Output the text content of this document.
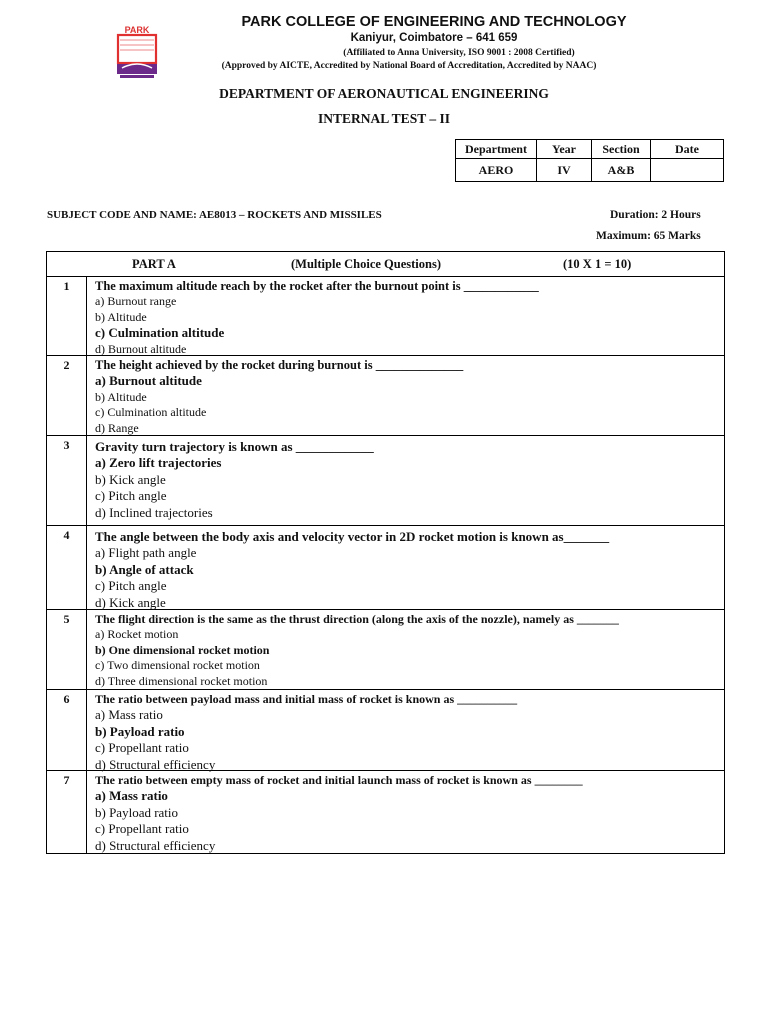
PARK COLLEGE OF ENGINEERING AND TECHNOLOGY
PARK
Kaniyur, Coimbatore – 641 659
(Affiliated to Anna University, ISO 9001 : 2008 Certified)
(Approved by AICTE, Accredited by National Board of Accreditation, Accredited by NAAC)
DEPARTMENT OF AERONAUTICAL ENGINEERING
INTERNAL TEST – II
Department	Year	Section	Date
AERO	IV	A&B	
SUBJECT CODE AND NAME: AE8013 – ROCKETS AND MISSILES	Duration: 2 Hours
Maximum: 65 Marks
PART A	(Multiple Choice Questions)	(10 X 1 = 10)
1	The maximum altitude reach by the rocket after the burnout point is ____________
a) Burnout range
b) Altitude
c) Culmination altitude
d) Burnout altitude
2	The height achieved by the rocket during burnout is ______________
a) Burnout altitude
b) Altitude
c) Culmination altitude
d) Range
3	Gravity turn trajectory is known as ____________
a) Zero lift trajectories
b) Kick angle
c) Pitch angle
d) Inclined trajectories
4	The angle between the body axis and velocity vector in 2D rocket motion is known as_______
a) Flight path angle
b) Angle of attack
c) Pitch angle
d) Kick angle
5	The flight direction is the same as the thrust direction (along the axis of the nozzle), namely as _______
a) Rocket motion
b) One dimensional rocket motion
c) Two dimensional rocket motion
d) Three dimensional rocket motion
6	The ratio between payload mass and initial mass of rocket is known as __________
a) Mass ratio
b) Payload ratio
c) Propellant ratio
d) Structural efficiency
7	The ratio between empty mass of rocket and initial launch mass of rocket is known as ________
a) Mass ratio
b) Payload ratio
c) Propellant ratio
d) Structural efficiency
